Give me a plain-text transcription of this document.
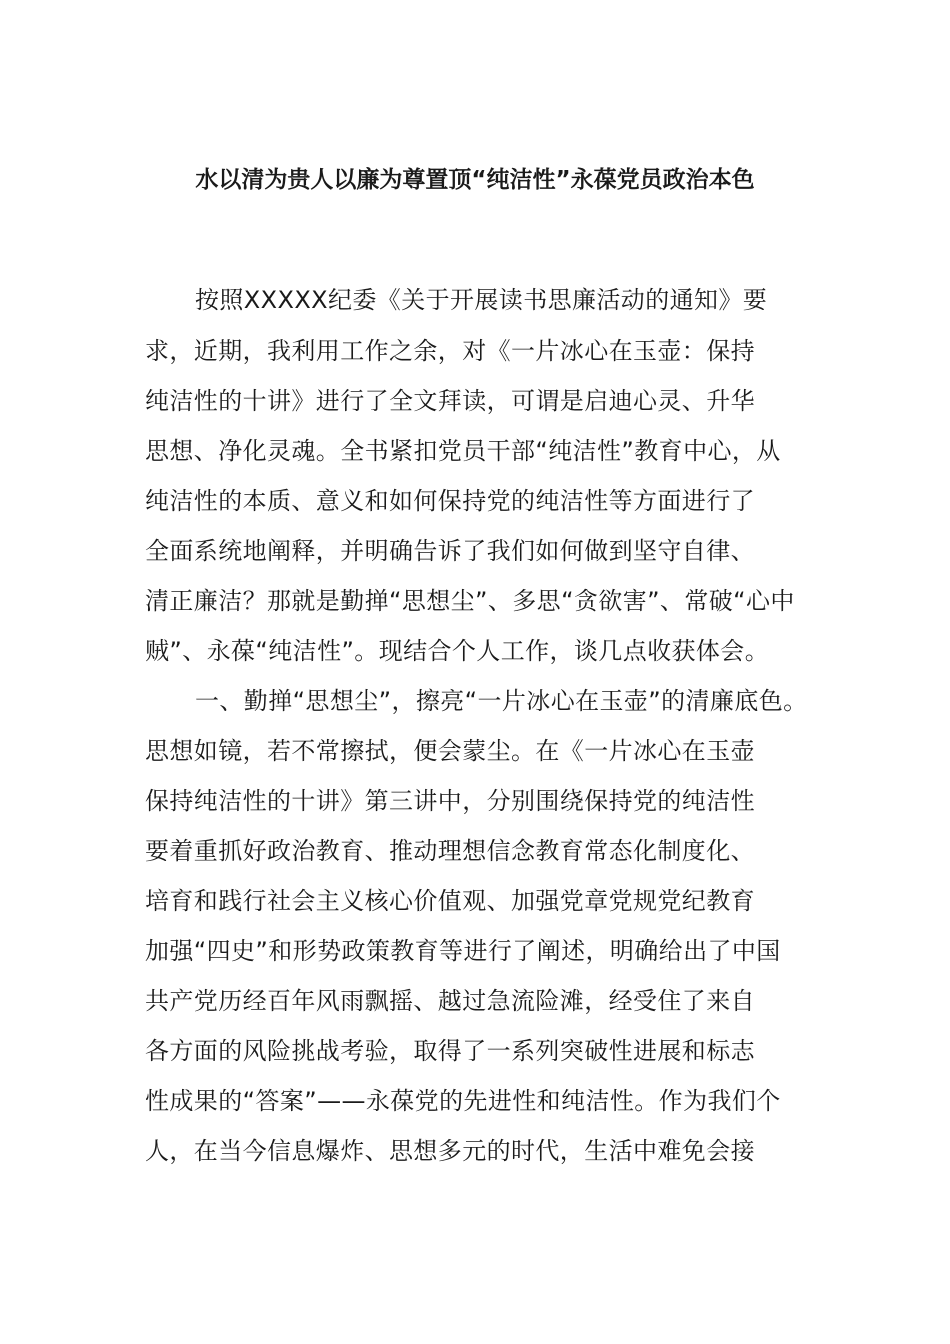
水以清为贵人以廉为尊置顶“纯洁性”永葆党员政治本色

按照XXXXX纪委《关于开展读书思廉活动的通知》要

求，近期，我利用工作之余，对《一片冰心在玉壶：保持

纯洁性的十讲》进行了全文拜读，可谓是启迪心灵、升华

思想、净化灵魂。全书紧扣党员干部“纯洁性”教育中心，从

纯洁性的本质、意义和如何保持党的纯洁性等方面进行了

全面系统地阐释，并明确告诉了我们如何做到坚守自律、

清正廉洁？那就是勤掸“思想尘”、多思“贪欲害”、常破“心中

贼”、永葆“纯洁性”。现结合个人工作，谈几点收获体会。

一、勤掸“思想尘”，擦亮“一片冰心在玉壶”的清廉底色。

思想如镜，若不常擦拭，便会蒙尘。在《一片冰心在玉壶

保持纯洁性的十讲》第三讲中，分别围绕保持党的纯洁性

要着重抓好政治教育、推动理想信念教育常态化制度化、

培育和践行社会主义核心价值观、加强党章党规党纪教育

加强“四史”和形势政策教育等进行了阐述，明确给出了中国

共产党历经百年风雨飘摇、越过急流险滩，经受住了来自

各方面的风险挑战考验，取得了一系列突破性进展和标志

性成果的“答案”——永葆党的先进性和纯洁性。作为我们个

人，在当今信息爆炸、思想多元的时代，生活中难免会接
